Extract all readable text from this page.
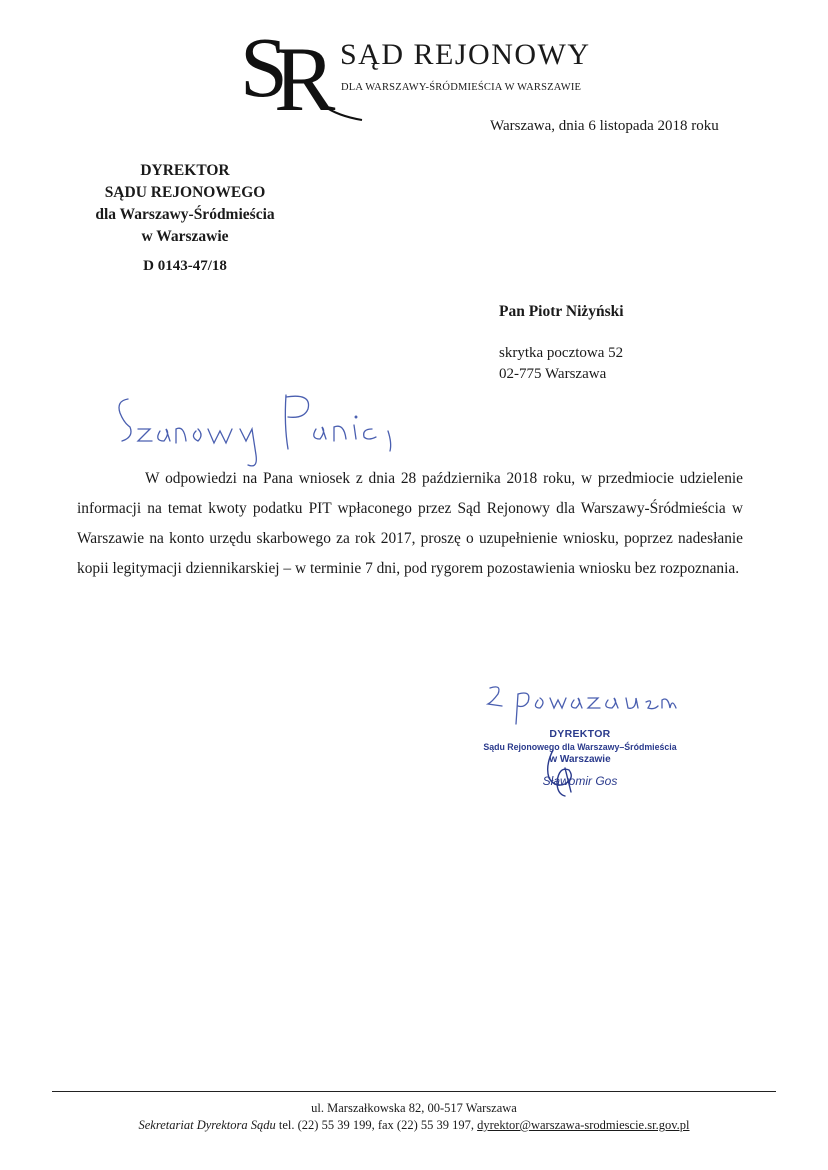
S
R SĄD REJONOWY
DLA WARSZAWY-ŚRÓDMIEŚCIA W WARSZAWIE
Warszawa, dnia 6 listopada 2018 roku
DYREKTOR
SĄDU REJONOWEGO
dla Warszawy-Śródmieścia
w Warszawie
D 0143-47/18
Pan Piotr Niżyński
skrytka pocztowa 52
02-775 Warszawa

W odpowiedzi na Pana wniosek z dnia 28 października 2018 roku, w przedmiocie udzielenie informacji na temat kwoty podatku PIT wpłaconego przez Sąd Rejonowy dla Warszawy-Śródmieścia w Warszawie na konto urzędu skarbowego za rok 2017, proszę o uzupełnienie wniosku, poprzez nadesłanie kopii legitymacji dziennikarskiej – w terminie 7 dni, pod rygorem pozostawienia wniosku bez rozpoznania.

DYREKTOR
Sądu Rejonowego dla Warszawy–Śródmieścia
w Warszawie
Sławomir Gos
ul. Marszałkowska 82, 00-517 Warszawa
Sekretariat Dyrektora Sądu tel. (22) 55 39 199, fax (22) 55 39 197, dyrektor@warszawa-srodmiescie.sr.gov.pl
